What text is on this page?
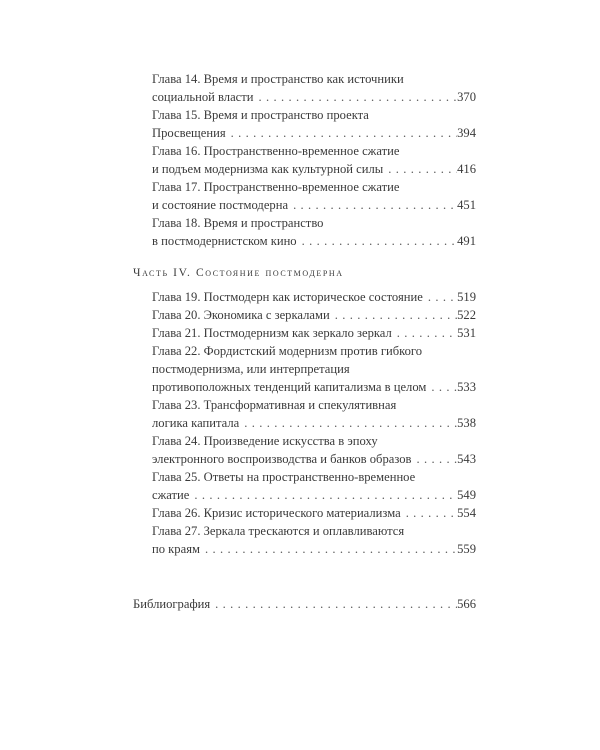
Глава 14. Время и пространство как источники
социальной власти . . .	370
Глава 15. Время и пространство проекта
Просвещения . . .	394
Глава 16. Пространственно-временное сжатие
и подъем модернизма как культурной силы . . .	416
Глава 17. Пространственно-временное сжатие
и состояние постмодерна . . .	451
Глава 18. Время и пространство
в постмодернистском кино . . .	491
Часть IV. Состояние постмодерна
Глава 19. Постмодерн как историческое состояние . . .	519
Глава 20. Экономика с зеркалами . . .	522
Глава 21. Постмодернизм как зеркало зеркал . . .	531
Глава 22. Фордистский модернизм против гибкого
постмодернизма, или интерпретация
противоположных тенденций капитализма в целом . . . 533
Глава 23. Трансформативная и спекулятивная
логика капитала . . .	538
Глава 24. Произведение искусства в эпоху
электронного воспроизводства и банков образов . . .	543
Глава 25. Ответы на пространственно-временное
сжатие . . .	549
Глава 26. Кризис исторического материализма . . .	554
Глава 27. Зеркала трескаются и оплавливаются
по краям . . .	559
Библиография . . .	566
